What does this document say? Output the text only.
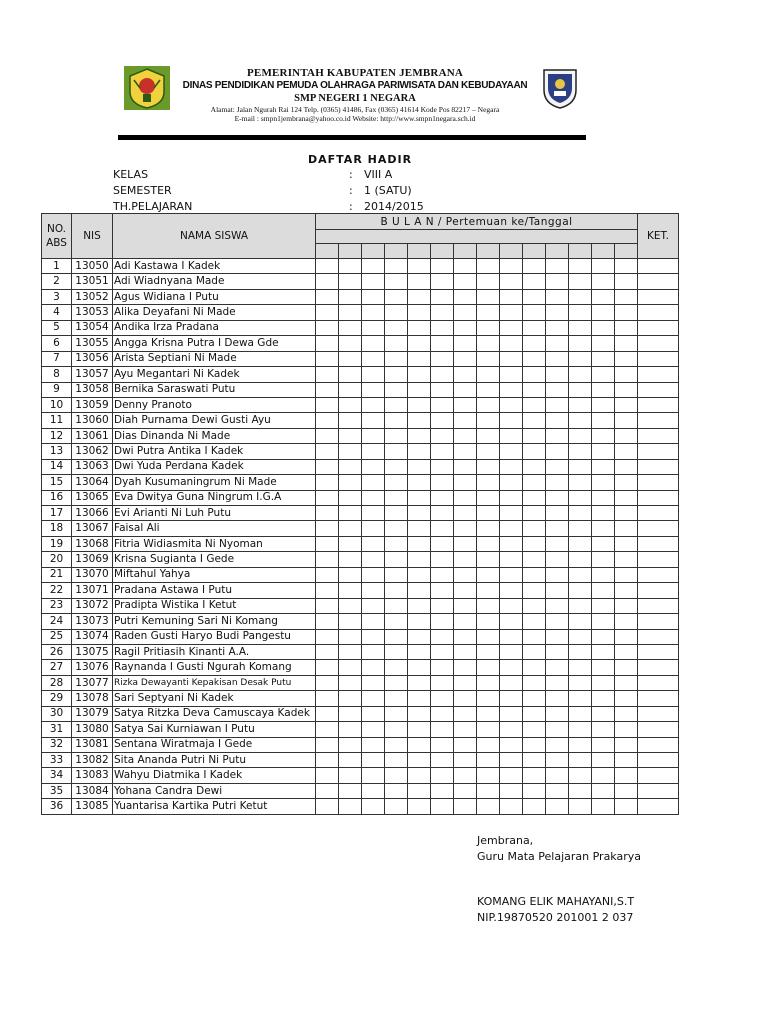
PEMERINTAH KABUPATEN JEMBRANA
DINAS PENDIDIKAN PEMUDA OLAHRAGA PARIWISATA DAN KEBUDAYAAN
SMP NEGERI 1 NEGARA
Alamat: Jalan Ngurah Rai 124 Telp. (0365) 41486, Fax (0365) 41614 Kode Pos 82217 – Negara
E-mail : smpn1jembrana@yahoo.co.id Website: http://www.smpn1negara.sch.id
DAFTAR HADIR
KELAS	: VIII A
SEMESTER	: 1 (SATU)
TH.PELAJARAN	: 2014/2015
NO.
ABS	NIS	NAMA SISWA	B U L A N / Pertemuan ke/Tanggal														KET.

1	13050	Adi Kastawa I Kadek															
2	13051	Adi Wiadnyana Made															
3	13052	Agus Widiana I Putu															
4	13053	Alika Deyafani Ni Made															
5	13054	Andika Irza Pradana															
6	13055	Angga Krisna Putra I Dewa Gde															
7	13056	Arista Septiani Ni Made															
8	13057	Ayu Megantari Ni Kadek															
9	13058	Bernika Saraswati Putu															
10	13059	Denny Pranoto															
11	13060	Diah Purnama Dewi Gusti Ayu															
12	13061	Dias Dinanda Ni Made															
13	13062	Dwi Putra Antika I Kadek															
14	13063	Dwi Yuda Perdana Kadek															
15	13064	Dyah Kusumaningrum Ni Made															
16	13065	Eva Dwitya Guna Ningrum I.G.A															
17	13066	Evi Arianti Ni Luh Putu															
18	13067	Faisal Ali															
19	13068	Fitria Widiasmita Ni Nyoman															
20	13069	Krisna Sugianta I Gede															
21	13070	Miftahul Yahya															
22	13071	Pradana Astawa I Putu															
23	13072	Pradipta Wistika I Ketut															
24	13073	Putri Kemuning Sari Ni Komang															
25	13074	Raden Gusti Haryo Budi Pangestu															
26	13075	Ragil Pritiasih Kinanti A.A.															
27	13076	Raynanda I Gusti Ngurah Komang															
28	13077	Rizka Dewayanti Kepakisan Desak Putu															
29	13078	Sari Septyani Ni Kadek															
30	13079	Satya Ritzka Deva Camuscaya Kadek															
31	13080	Satya Sai Kurniawan I Putu															
32	13081	Sentana Wiratmaja I Gede															
33	13082	Sita Ananda Putri Ni Putu															
34	13083	Wahyu Diatmika I Kadek															
35	13084	Yohana Candra Dewi															
36	13085	Yuantarisa Kartika Putri Ketut															
Jembrana,
Guru Mata Pelajaran Prakarya
KOMANG ELIK MAHAYANI,S.T
NIP.19870520 201001 2 037
